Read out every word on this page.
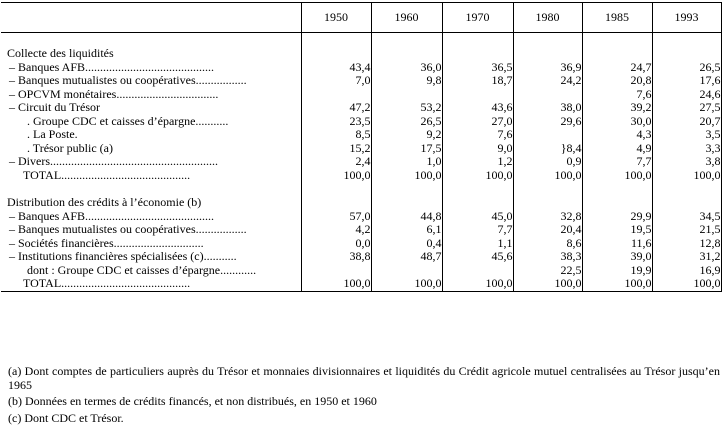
	1950	1960	1970	1980	1985	1993

Collecte des liquidités						
– Banques AFB...........................................	43,4	36,0	36,5	36,9	24,7	26,5
– Banques mutualistes ou coopératives.................	7,0	9,8	18,7	24,2	20,8	17,6
– OPCVM monétaires..................................					7,6	24,6
– Circuit du Trésor	47,2	53,2	43,6	38,0	39,2	27,5
. Groupe CDC et caisses d’épargne...........	23,5	26,5	27,0	29,6	30,0	20,7
. La Poste.	8,5	9,2	7,6		4,3	3,5
. Trésor public (a)	15,2	17,5	9,0	}8,4	4,9	3,3
– Divers........................................................	2,4	1,0	1,2	0,9	7,7	3,8
TOTAL...........................................	100,0	100,0	100,0	100,0	100,0	100,0

Distribution des crédits à l’économie (b)						
– Banques AFB...........................................	57,0	44,8	45,0	32,8	29,9	34,5
– Banques mutualistes ou coopératives.................	4,2	6,1	7,7	20,4	19,5	21,5
– Sociétés financières..............................	0,0	0,4	1,1	8,6	11,6	12,8
– Institutions financières spécialisées (c)...........	38,8	48,7	45,6	38,3	39,0	31,2
dont : Groupe CDC et caisses d’épargne............				22,5	19,9	16,9
TOTAL...........................................	100,0	100,0	100,0	100,0	100,0	100,0

(a) Dont comptes de particuliers auprès du Trésor et monnaies divisionnaires et liquidités du Crédit agricole mutuel centralisées au Trésor jusqu’en 1965

(b) Données en termes de crédits financés, et non distribués, en 1950 et 1960

(c) Dont CDC et Trésor.
